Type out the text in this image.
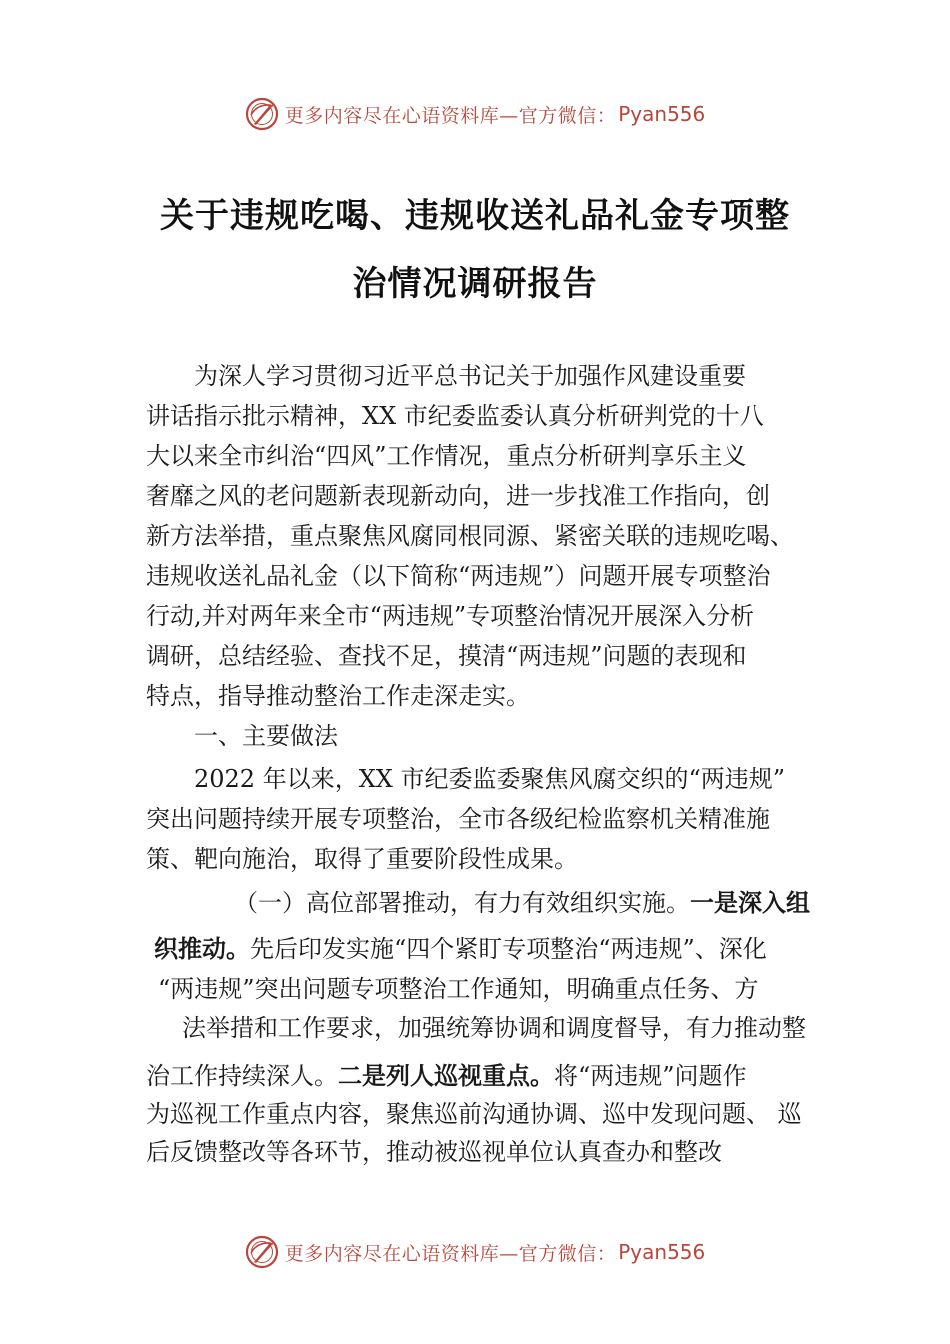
更多内容尽在心语资料库—官方微信： Pyan556
关于违规吃喝、违规收送礼品礼金专项整
治情况调研报告
为深人学习贯彻习近平总书记关于加强作风建设重要
讲话指示批示精神，XX 市纪委监委认真分析研判党的十八
大以来全市纠治“四风”工作情况，重点分析研判享乐主义
奢靡之风的老问题新表现新动向，进一步找准工作指向，创
新方法举措，重点聚焦风腐同根同源、紧密关联的违规吃喝、
违规收送礼品礼金（以下简称“两违规”）问题开展专项整治
行动,并对两年来全市“两违规”专项整治情况开展深入分析
调研，总结经验、查找不足，摸清“两违规”问题的表现和
特点，指导推动整治工作走深走实。
一、主要做法
2022 年以来，XX 市纪委监委聚焦风腐交织的“两违规”
突出问题持续开展专项整治，全市各级纪检监察机关精准施
策、靶向施治，取得了重要阶段性成果。
（一）高位部署推动，有力有效组织实施。一是深入组
织推动。先后印发实施“四个紧盯专项整治“两违规”、深化
“两违规”突出问题专项整治工作通知，明确重点任务、方
法举措和工作要求，加强统筹协调和调度督导，有力推动整
治工作持续深人。二是列人巡视重点。将“两违规”问题作
为巡视工作重点内容，聚焦巡前沟通协调、巡中发现问题、 巡
后反馈整改等各环节，推动被巡视单位认真查办和整改
更多内容尽在心语资料库—官方微信： Pyan556
